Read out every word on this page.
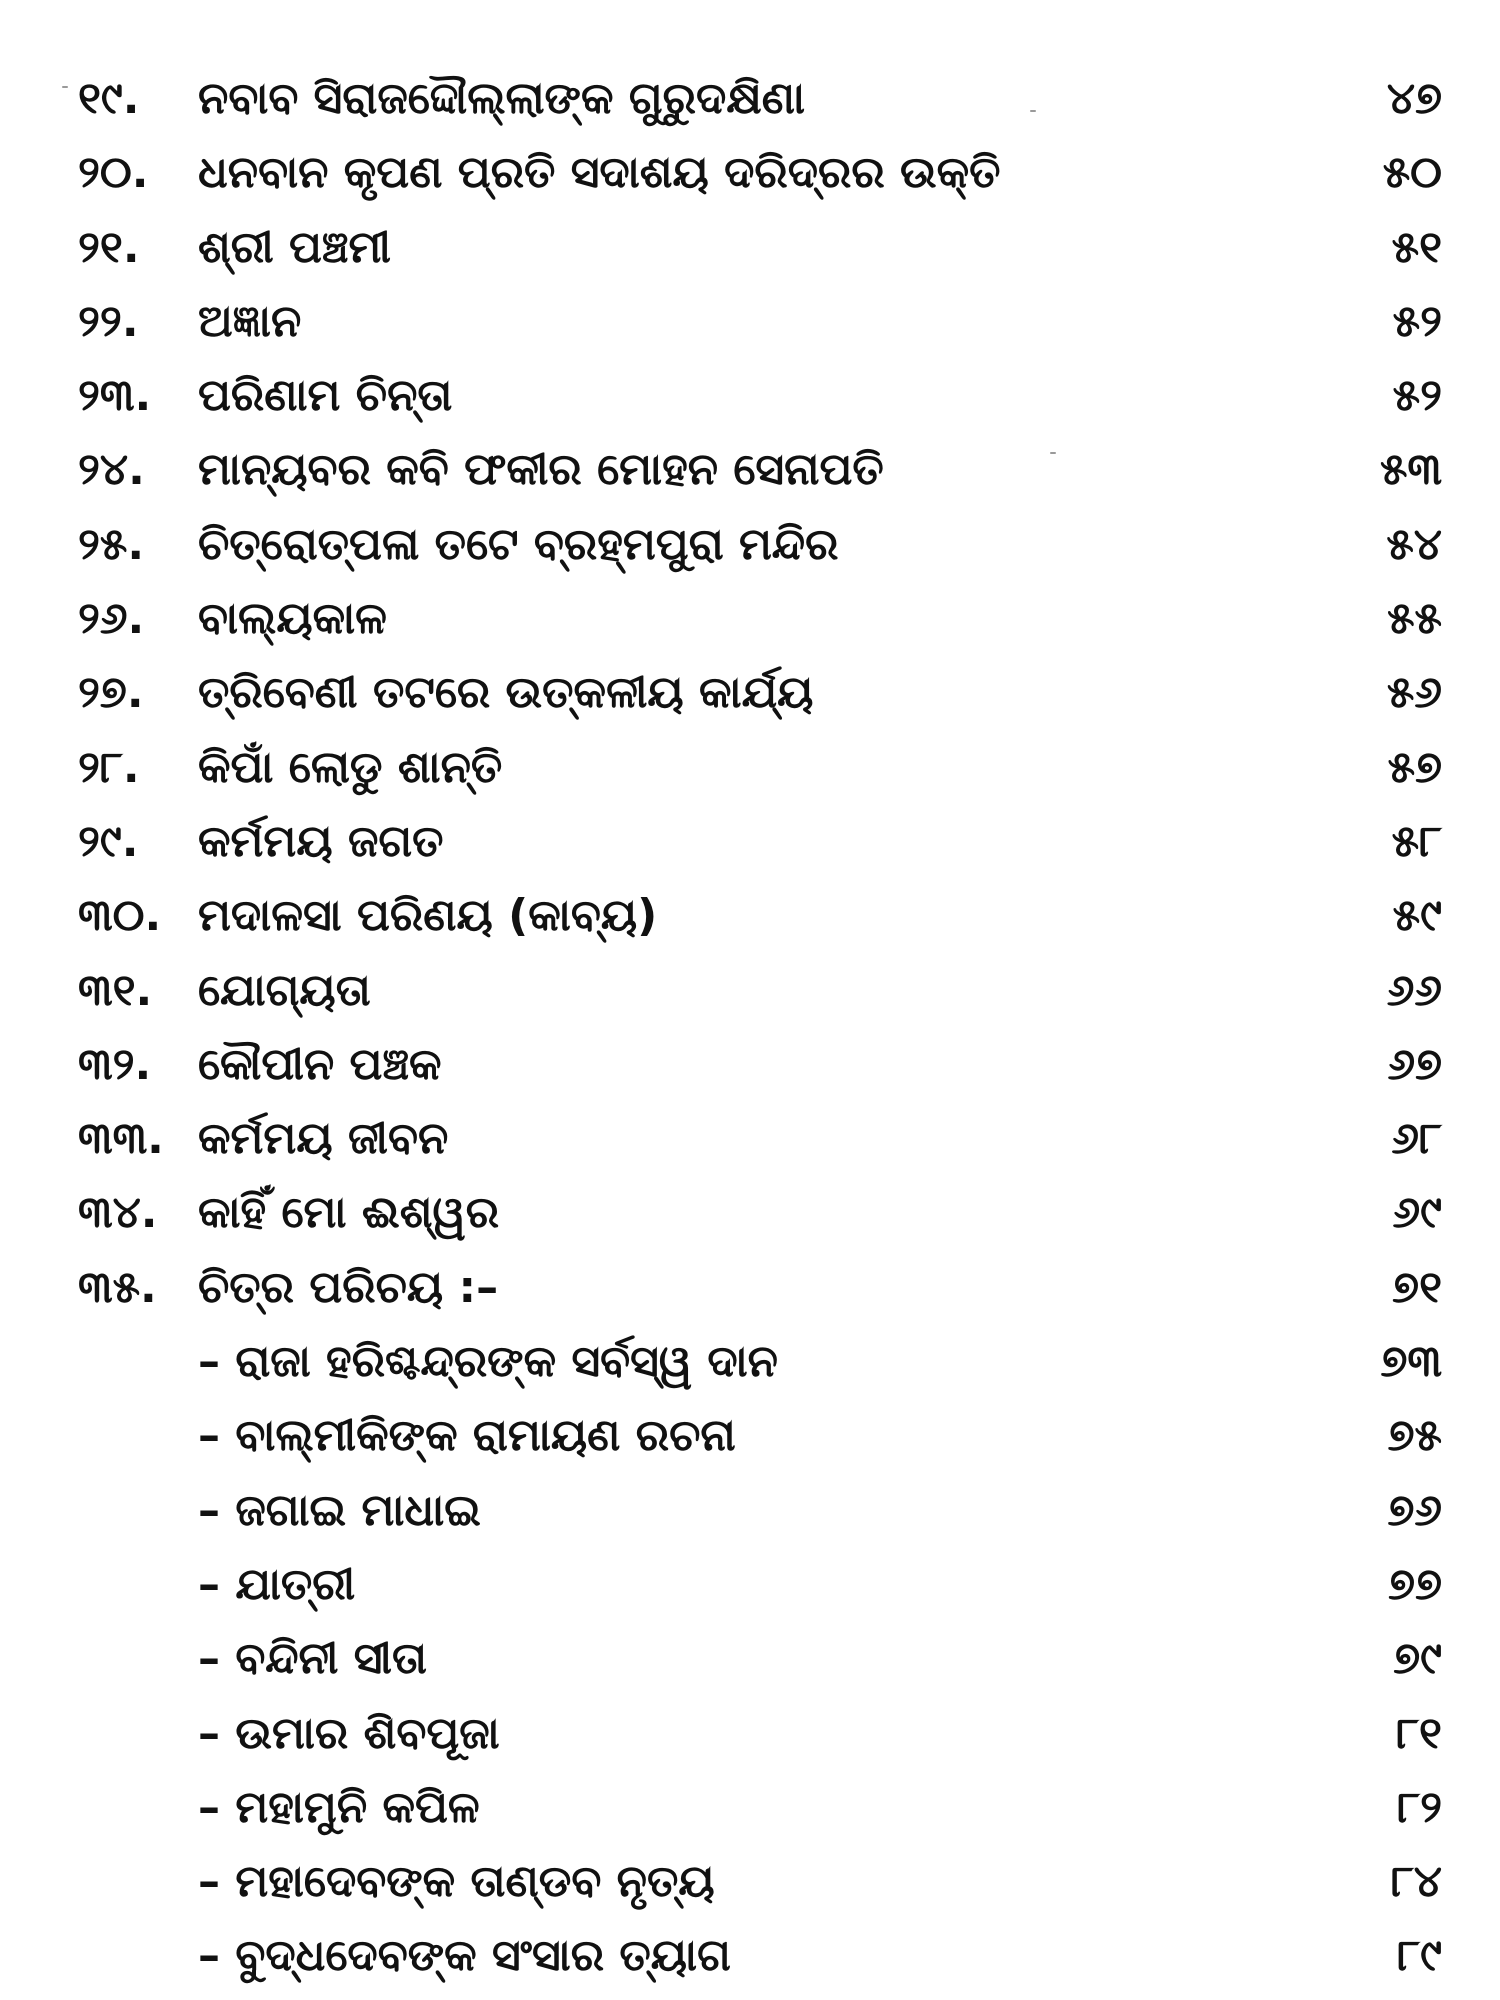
୧୯. ନବାବ ସିରାଜଦ୍ଦୌଲ୍ଲାଙ୍କ ଗୁରୁଦକ୍ଷିଣା	୪୭
୨୦. ଧନବାନ କୃପଣ ପ୍ରତି ସଦାଶୟ ଦରିଦ୍ରର ଉକ୍ତି	୫୦
୨୧. ଶ୍ରୀ ପଞ୍ଚମୀ	୫୧
୨୨. ଅଜ୍ଞାନ	୫୨
୨୩. ପରିଣାମ ଚିନ୍ତା	୫୨
୨୪. ମାନ୍ୟବର କବି ଫକୀର ମୋହନ ସେନାପତି	୫୩
୨୫. ଚିତ୍ରୋତ୍ପଳା ତଟେ ବ୍ରହ୍ମପୁରା ମନ୍ଦିର	୫୪
୨୬. ବାଲ୍ୟକାଳ	୫୫
୨୭. ତ୍ରିବେଣୀ ତଟରେ ଉତ୍କଳୀୟ କାର୍ଯ୍ୟ	୫୬
୨୮. କିପାଁ ଲୋଡୁ ଶାନ୍ତି	୫୭
୨୯. କର୍ମମୟ ଜଗତ	୫୮
୩୦. ମଦାଳସା ପରିଣୟ (କାବ୍ୟ)	୫୯
୩୧. ଯୋଗ୍ୟତା	୬୬
୩୨. କୌପୀନ ପଞ୍ଚକ	୬୭
୩୩. କର୍ମମୟ ଜୀବନ	୬୮
୩୪. କାହିଁ ମୋ ଈଶ୍ୱର	୬୯
୩୫. ଚିତ୍ର ପରିଚୟ :–	୭୧
– ରାଜା ହରିଶ୍ଚନ୍ଦ୍ରଙ୍କ ସର୍ବସ୍ୱ ଦାନ	୭୩
– ବାଲ୍ମୀକିଙ୍କ ରାମାୟଣ ରଚନା	୭୫
– ଜଗାଇ ମାଧାଇ	୭୬
– ଯାତ୍ରୀ	୭୭
– ବନ୍ଦିନୀ ସୀତା	୭୯
– ଉମାର ଶିବପୂଜା	୮୧
– ମହାମୁନି କପିଳ	୮୨
– ମହାଦେବଙ୍କ ତାଣ୍ଡବ ନୃତ୍ୟ	୮୪
– ବୁଦ୍ଧଦେବଙ୍କ ସଂସାର ତ୍ୟାଗ	୮୯
